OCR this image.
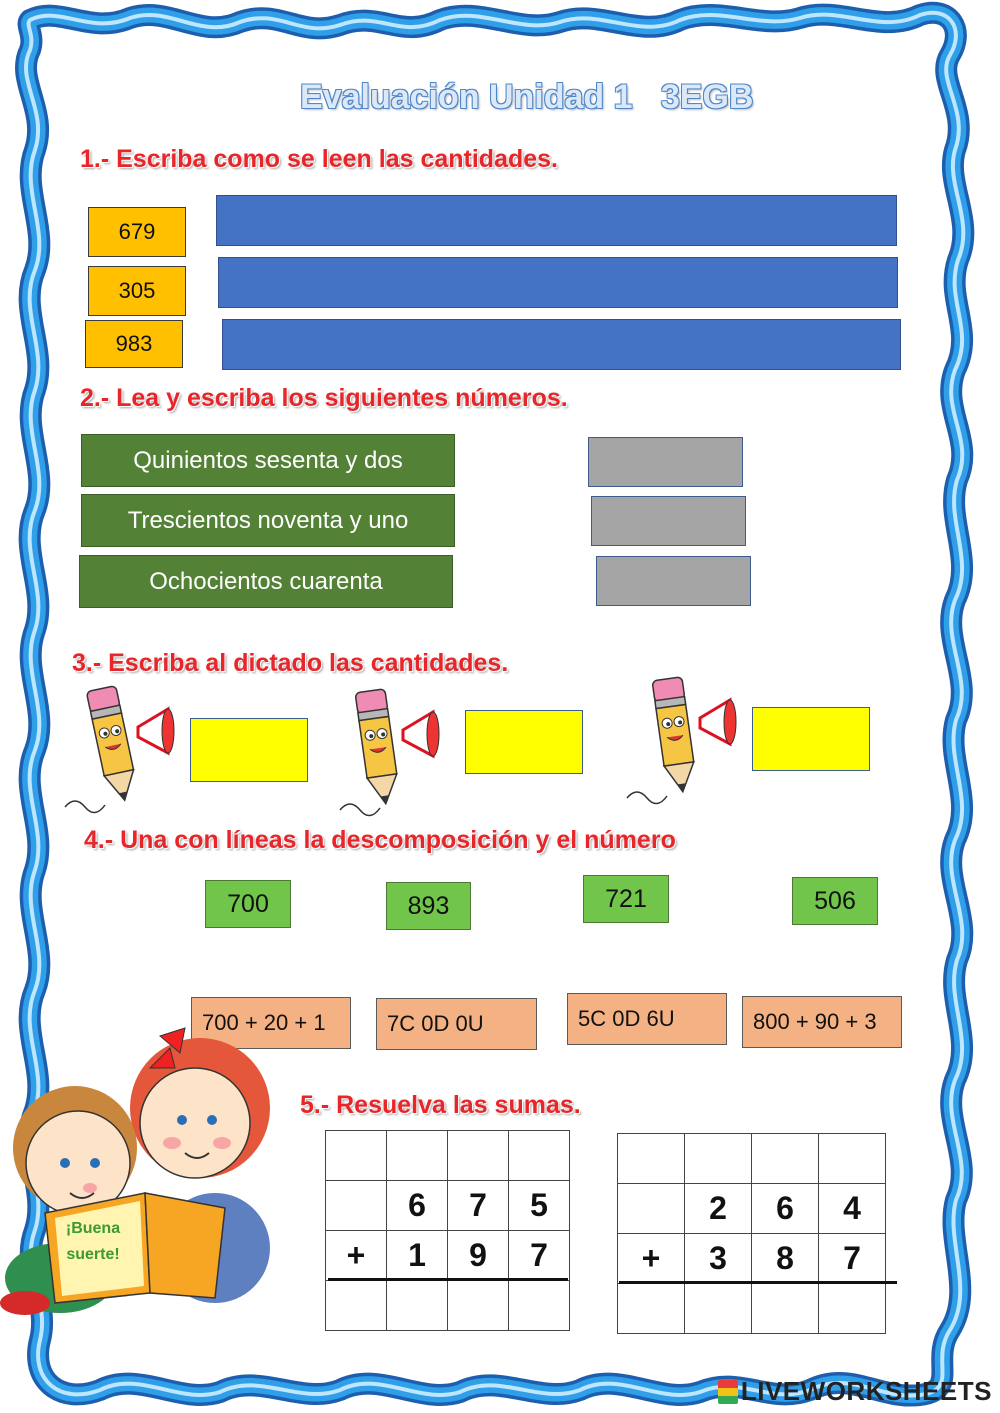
Evaluación Unidad 1   3EGB
1.- Escriba como se leen las cantidades.
679
305
983
2.- Lea y escriba los siguientes números.
Quinientos sesenta y dos
Trescientos noventa y uno
Ochocientos cuarenta
3.- Escriba al dictado las cantidades.
4.- Una con líneas la descomposición y el número
700	893	721	506
700 + 20 + 1	7C 0D 0U	5C 0D 6U	800 + 90 + 3
¡Buena suerte!
5.- Resuelva las sumas.

	6	7	5
+	1	9	7

	2	6	4
+	3	8	7

LIVEWORKSHEETS
